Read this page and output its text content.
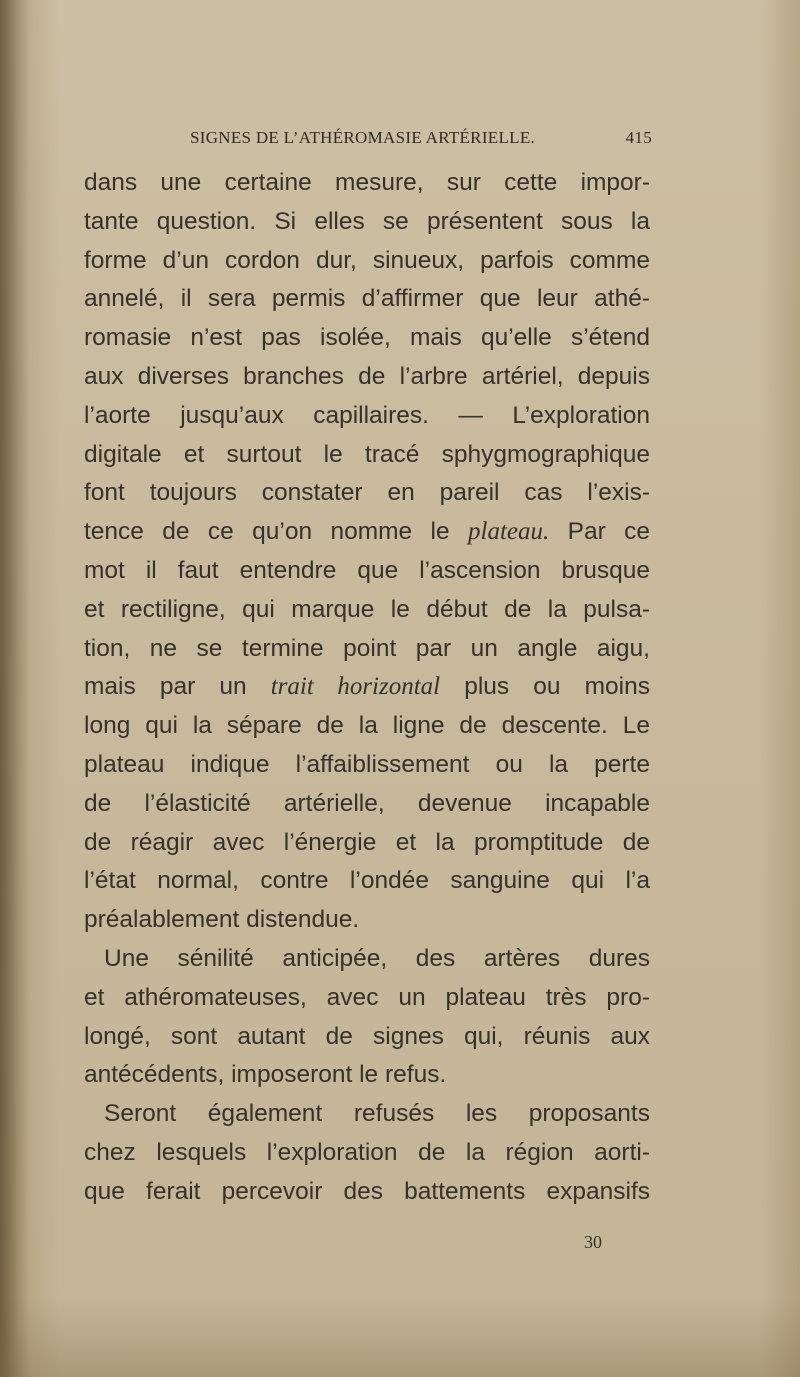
SIGNES DE L’ATHÉROMASIE ARTÉRIELLE.	415
dans une certaine mesure, sur cette impor-
tante question. Si elles se présentent sous la
forme d’un cordon dur, sinueux, parfois comme
annelé, il sera permis d’affirmer que leur athé-
romasie n’est pas isolée, mais qu’elle s’étend
aux diverses branches de l’arbre artériel, depuis
l’aorte jusqu’aux capillaires. — L’exploration
digitale et surtout le tracé sphygmographique
font toujours constater en pareil cas l’exis-
tence de ce qu’on nomme le plateau. Par ce
mot il faut entendre que l’ascension brusque
et rectiligne, qui marque le début de la pulsa-
tion, ne se termine point par un angle aigu,
mais par un trait horizontal plus ou moins
long qui la sépare de la ligne de descente. Le
plateau indique l’affaiblissement ou la perte
de l’élasticité artérielle, devenue incapable
de réagir avec l’énergie et la promptitude de
l’état normal, contre l’ondée sanguine qui l’a
préalablement distendue.
Une sénilité anticipée, des artères dures
et athéromateuses, avec un plateau très pro-
longé, sont autant de signes qui, réunis aux
antécédents, imposeront le refus.
Seront également refusés les proposants
chez lesquels l’exploration de la région aorti-
que ferait percevoir des battements expansifs
30
